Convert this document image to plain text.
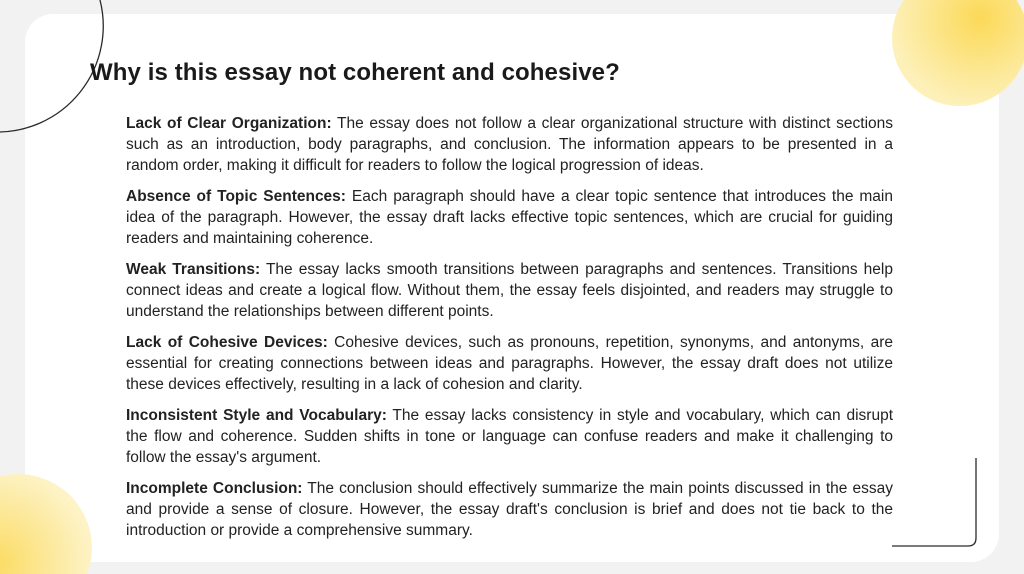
Why is this essay not coherent and cohesive?
Lack of Clear Organization: The essay does not follow a clear organizational structure with distinct sections such as an introduction, body paragraphs, and conclusion. The information appears to be presented in a random order, making it difficult for readers to follow the logical progression of ideas.
Absence of Topic Sentences: Each paragraph should have a clear topic sentence that introduces the main idea of the paragraph. However, the essay draft lacks effective topic sentences, which are crucial for guiding readers and maintaining coherence.
Weak Transitions: The essay lacks smooth transitions between paragraphs and sentences. Transitions help connect ideas and create a logical flow. Without them, the essay feels disjointed, and readers may struggle to understand the relationships between different points.
Lack of Cohesive Devices: Cohesive devices, such as pronouns, repetition, synonyms, and antonyms, are essential for creating connections between ideas and paragraphs. However, the essay draft does not utilize these devices effectively, resulting in a lack of cohesion and clarity.
Inconsistent Style and Vocabulary: The essay lacks consistency in style and vocabulary, which can disrupt the flow and coherence. Sudden shifts in tone or language can confuse readers and make it challenging to follow the essay's argument.
Incomplete Conclusion: The conclusion should effectively summarize the main points discussed in the essay and provide a sense of closure. However, the essay draft's conclusion is brief and does not tie back to the introduction or provide a comprehensive summary.
